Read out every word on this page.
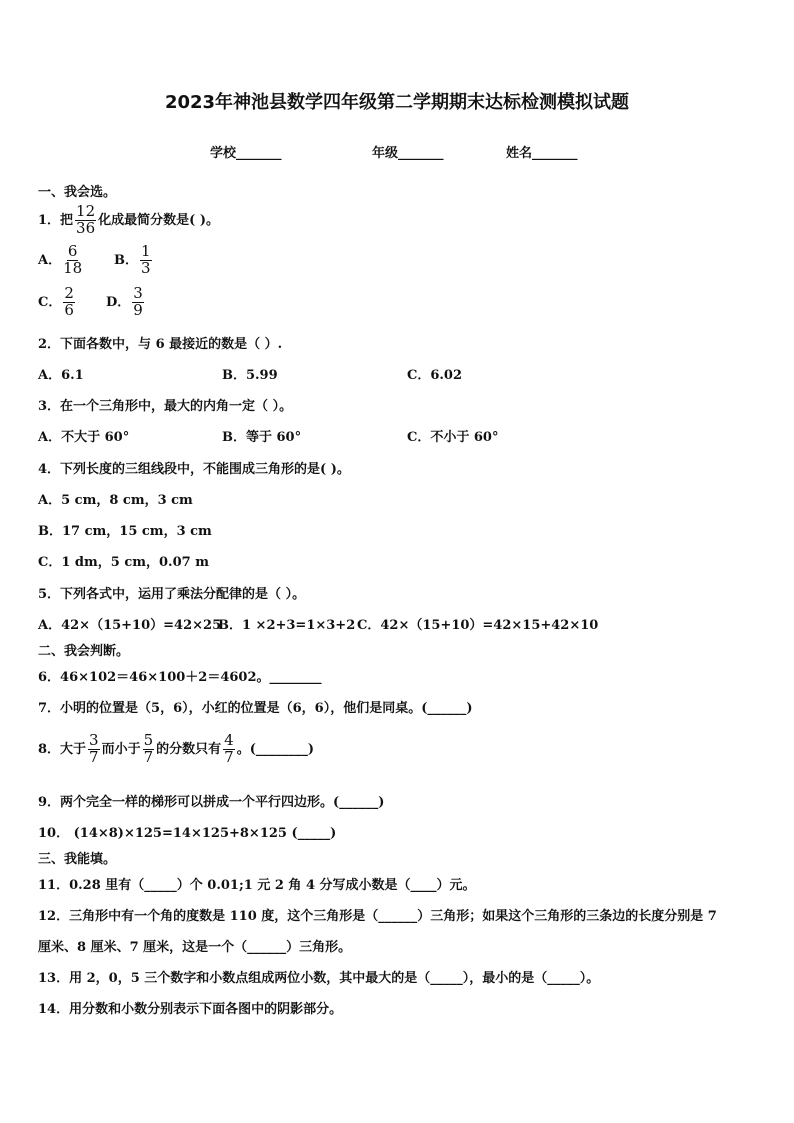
2023年神池县数学四年级第二学期期末达标检测模拟试题
学校_______	年级_______	姓名_______
一、我会选。
1．把 $\frac{12}{36}$ 化成最简分数是( )。
A． $\frac{6}{18}$ B． $\frac{1}{3}$
C． $\frac{2}{6}$ D． $\frac{3}{9}$
2．下面各数中，与 6 最接近的数是（ ）.
A．6.1	B．5.99	C．6.02
3．在一个三角形中，最大的内角一定（ ）。
A．不大于 60°	B．等于 60°	C．不小于 60°
4．下列长度的三组线段中，不能围成三角形的是( )。
A．5 cm，8 cm，3 cm
B．17 cm，15 cm，3 cm
C．1 dm，5 cm，0.07 m
5．下列各式中，运用了乘法分配律的是（ ）。
A．42×（15+10）=42×25
B．1 ×2+3=1×3+2 C．42×（15+10）=42×15+42×10
二、我会判断。
6．46×102＝46×100＋2＝4602。________
7．小明的位置是（5，6），小红的位置是（6，6），他们是同桌。(______)
8．大于 $\frac{3}{7}$ 而小于 $\frac{5}{7}$ 的分数只有 $\frac{4}{7}$ 。(________)
9．两个完全一样的梯形可以拼成一个平行四边形。(______)
10． (14×8)×125=14×125+8×125 (_____)
三、我能填。
11．0.28 里有（_____）个 0.01;1 元 2 角 4 分写成小数是（____）元。
12．三角形中有一个角的度数是 110 度，这个三角形是（______）三角形；如果这个三角形的三条边的长度分别是 7
厘米、8 厘米、7 厘米，这是一个（______）三角形。
13．用 2，0，5 三个数字和小数点组成两位小数，其中最大的是（_____），最小的是（_____）。
14．用分数和小数分别表示下面各图中的阴影部分。
